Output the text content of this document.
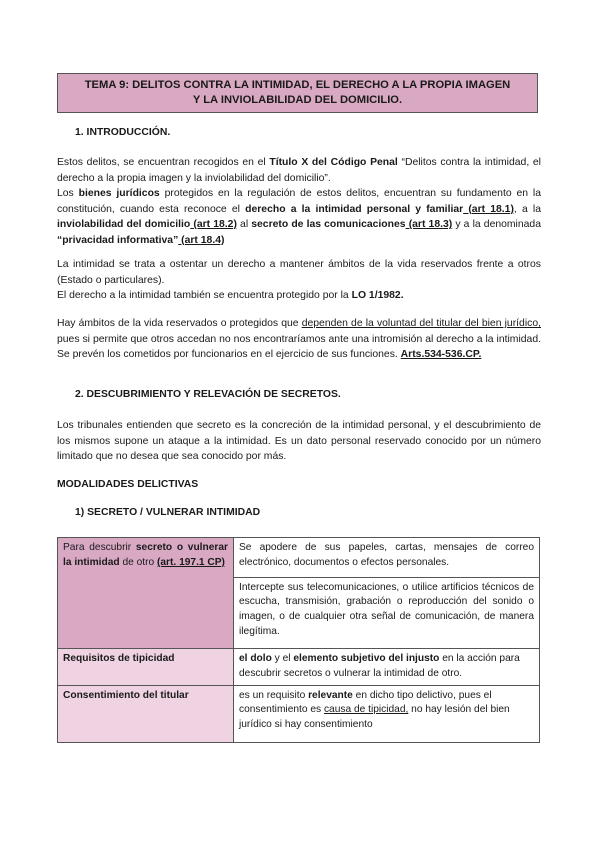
TEMA 9: DELITOS CONTRA LA INTIMIDAD, EL DERECHO A LA PROPIA IMAGEN
Y LA INVIOLABILIDAD DEL DOMICILIO.
1. INTRODUCCIÓN.
Estos delitos, se encuentran recogidos en el Título X del Código Penal “Delitos contra la intimidad, el derecho a la propia imagen y la inviolabilidad del domicilio”.
Los bienes jurídicos protegidos en la regulación de estos delitos, encuentran su fundamento en la constitución, cuando esta reconoce el derecho a la intimidad personal y familiar (art 18.1), a la inviolabilidad del domicilio (art 18.2) al secreto de las comunicaciones (art 18.3) y a la denominada “privacidad informativa” (art 18.4)
La intimidad se trata a ostentar un derecho a mantener ámbitos de la vida reservados frente a otros (Estado o particulares).
El derecho a la intimidad también se encuentra protegido por la LO 1/1982.
Hay ámbitos de la vida reservados o protegidos que dependen de la voluntad del titular del bien jurídico, pues si permite que otros accedan no nos encontraríamos ante una intromisión al derecho a la intimidad. Se prevén los cometidos por funcionarios en el ejercicio de sus funciones. Arts.534-536.CP.
2. DESCUBRIMIENTO Y RELEVACIÓN DE SECRETOS.
Los tribunales entienden que secreto es la concreción de la intimidad personal, y el descubrimiento de los mismos supone un ataque a la intimidad. Es un dato personal reservado conocido por un número limitado que no desea que sea conocido por más.
MODALIDADES DELICTIVAS
1) SECRETO / VULNERAR INTIMIDAD
Para descubrir secreto o vulnerar la intimidad de otro (art. 197.1 CP)	Se apodere de sus papeles, cartas, mensajes de correo electrónico, documentos o efectos personales.
	Intercepte sus telecomunicaciones, o utilice artificios técnicos de escucha, transmisión, grabación o reproducción del sonido o imagen, o de cualquier otra señal de comunicación, de manera ilegítima.
Requisitos de tipicidad	el dolo y el elemento subjetivo del injusto en la acción para descubrir secretos o vulnerar la intimidad de otro.
Consentimiento del titular	es un requisito relevante en dicho tipo delictivo, pues el consentimiento es causa de tipicidad, no hay lesión del bien jurídico si hay consentimiento
